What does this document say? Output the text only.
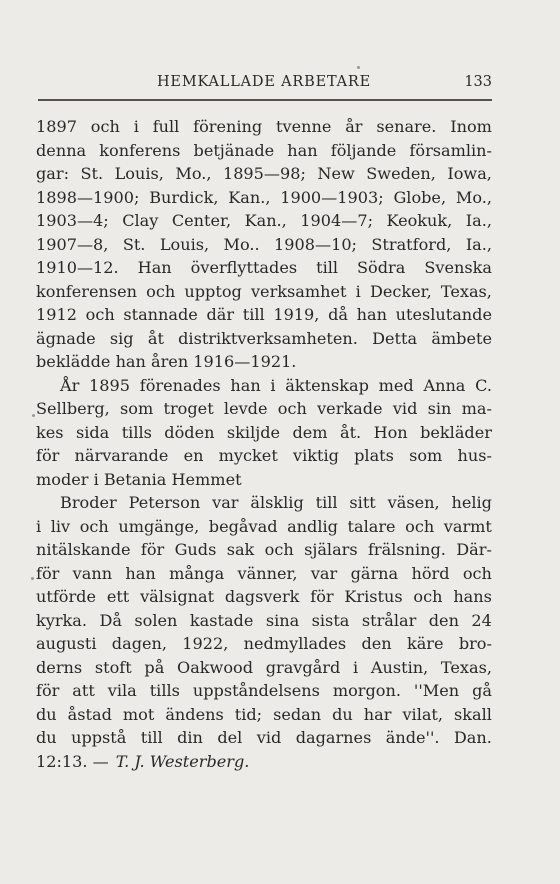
HEMKALLADE ARBETARE	133
1897 och i full förening tvenne år senare. Inom
denna konferens betjänade han följande församlin-
gar: St. Louis, Mo., 1895—98; New Sweden, Iowa,
1898—1900; Burdick, Kan., 1900—1903; Globe, Mo.,
1903—4; Clay Center, Kan., 1904—7; Keokuk, Ia.,
1907—8, St. Louis, Mo.. 1908—10; Stratford, Ia.,
1910—12. Han överflyttades till Södra Svenska
konferensen och upptog verksamhet i Decker, Texas,
1912 och stannade där till 1919, då han uteslutande
ägnade sig åt distriktverksamheten. Detta ämbete
beklädde han åren 1916—1921.
År 1895 förenades han i äktenskap med Anna C.
Sellberg, som troget levde och verkade vid sin ma-
kes sida tills döden skiljde dem åt. Hon bekläder
för närvarande en mycket viktig plats som hus-
moder i Betania Hemmet
Broder Peterson var älsklig till sitt väsen, helig
i liv och umgänge, begåvad andlig talare och varmt
nitälskande för Guds sak och själars frälsning. Där-
för vann han många vänner, var gärna hörd och
utförde ett välsignat dagsverk för Kristus och hans
kyrka. Då solen kastade sina sista strålar den 24
augusti dagen, 1922, nedmyllades den käre bro-
derns stoft på Oakwood gravgård i Austin, Texas,
för att vila tills uppståndelsens morgon. ''Men gå
du åstad mot ändens tid; sedan du har vilat, skall
du uppstå till din del vid dagarnes ände''. Dan.
12:13. — T. J. Westerberg.
